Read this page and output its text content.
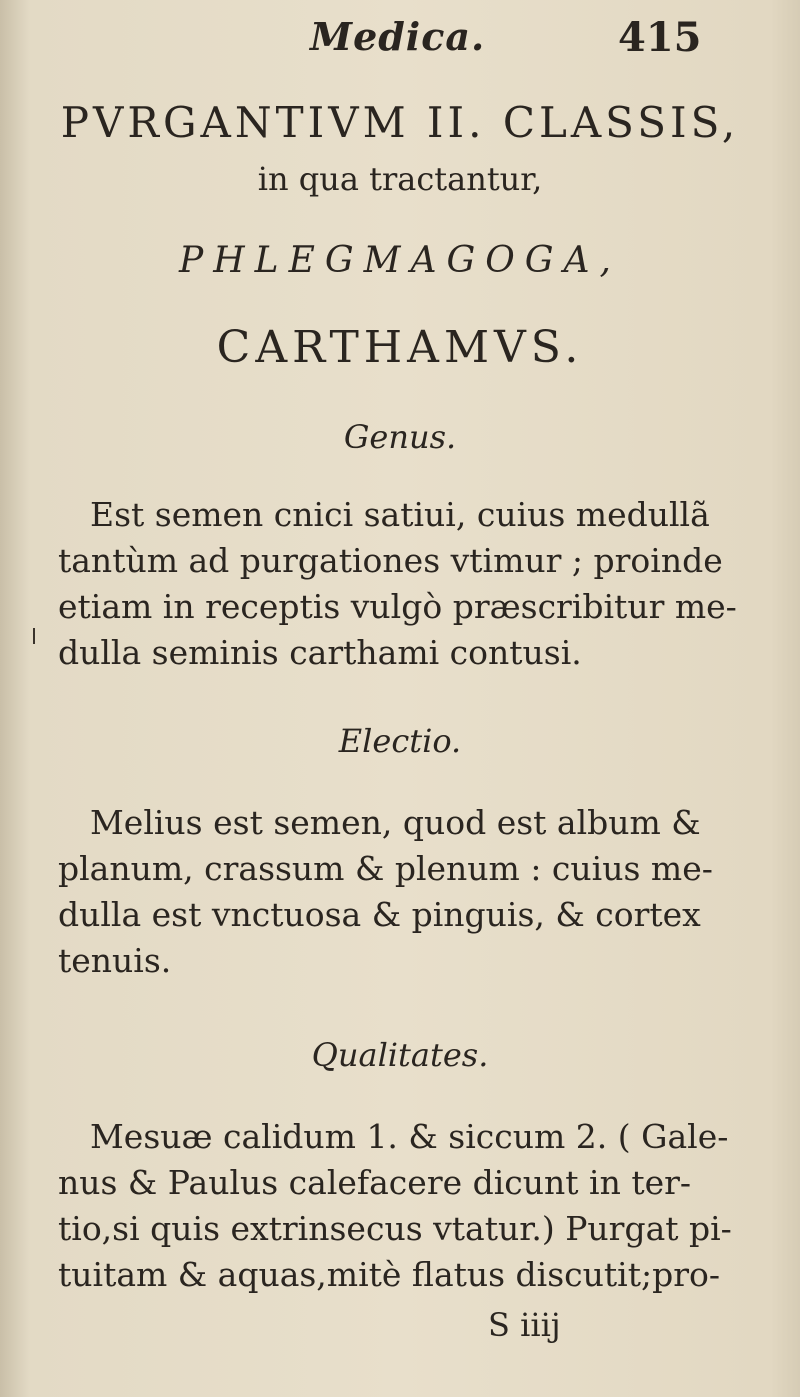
Medica.	415
PVRGANTIVM II. CLASSIS,
in qua tractantur,
PHLEGMAGOGA,
CARTHAMVS.
Genus.
Est semen cnici satiui, cuius medullã
tantùm ad purgationes vtimur ; proinde
etiam in receptis vulgò præscribitur me-
dulla seminis carthami contusi.
Electio.
Melius est semen, quod est album &
planum, crassum & plenum : cuius me-
dulla est vnctuosa & pinguis, & cortex
tenuis.
Qualitates.
Mesuæ calidum 1. & siccum 2. ( Gale-
nus & Paulus calefacere dicunt in ter-
tio,si quis extrinsecus vtatur.) Purgat pi-
tuitam & aquas,mitè flatus discutit;pro-
S iiij
